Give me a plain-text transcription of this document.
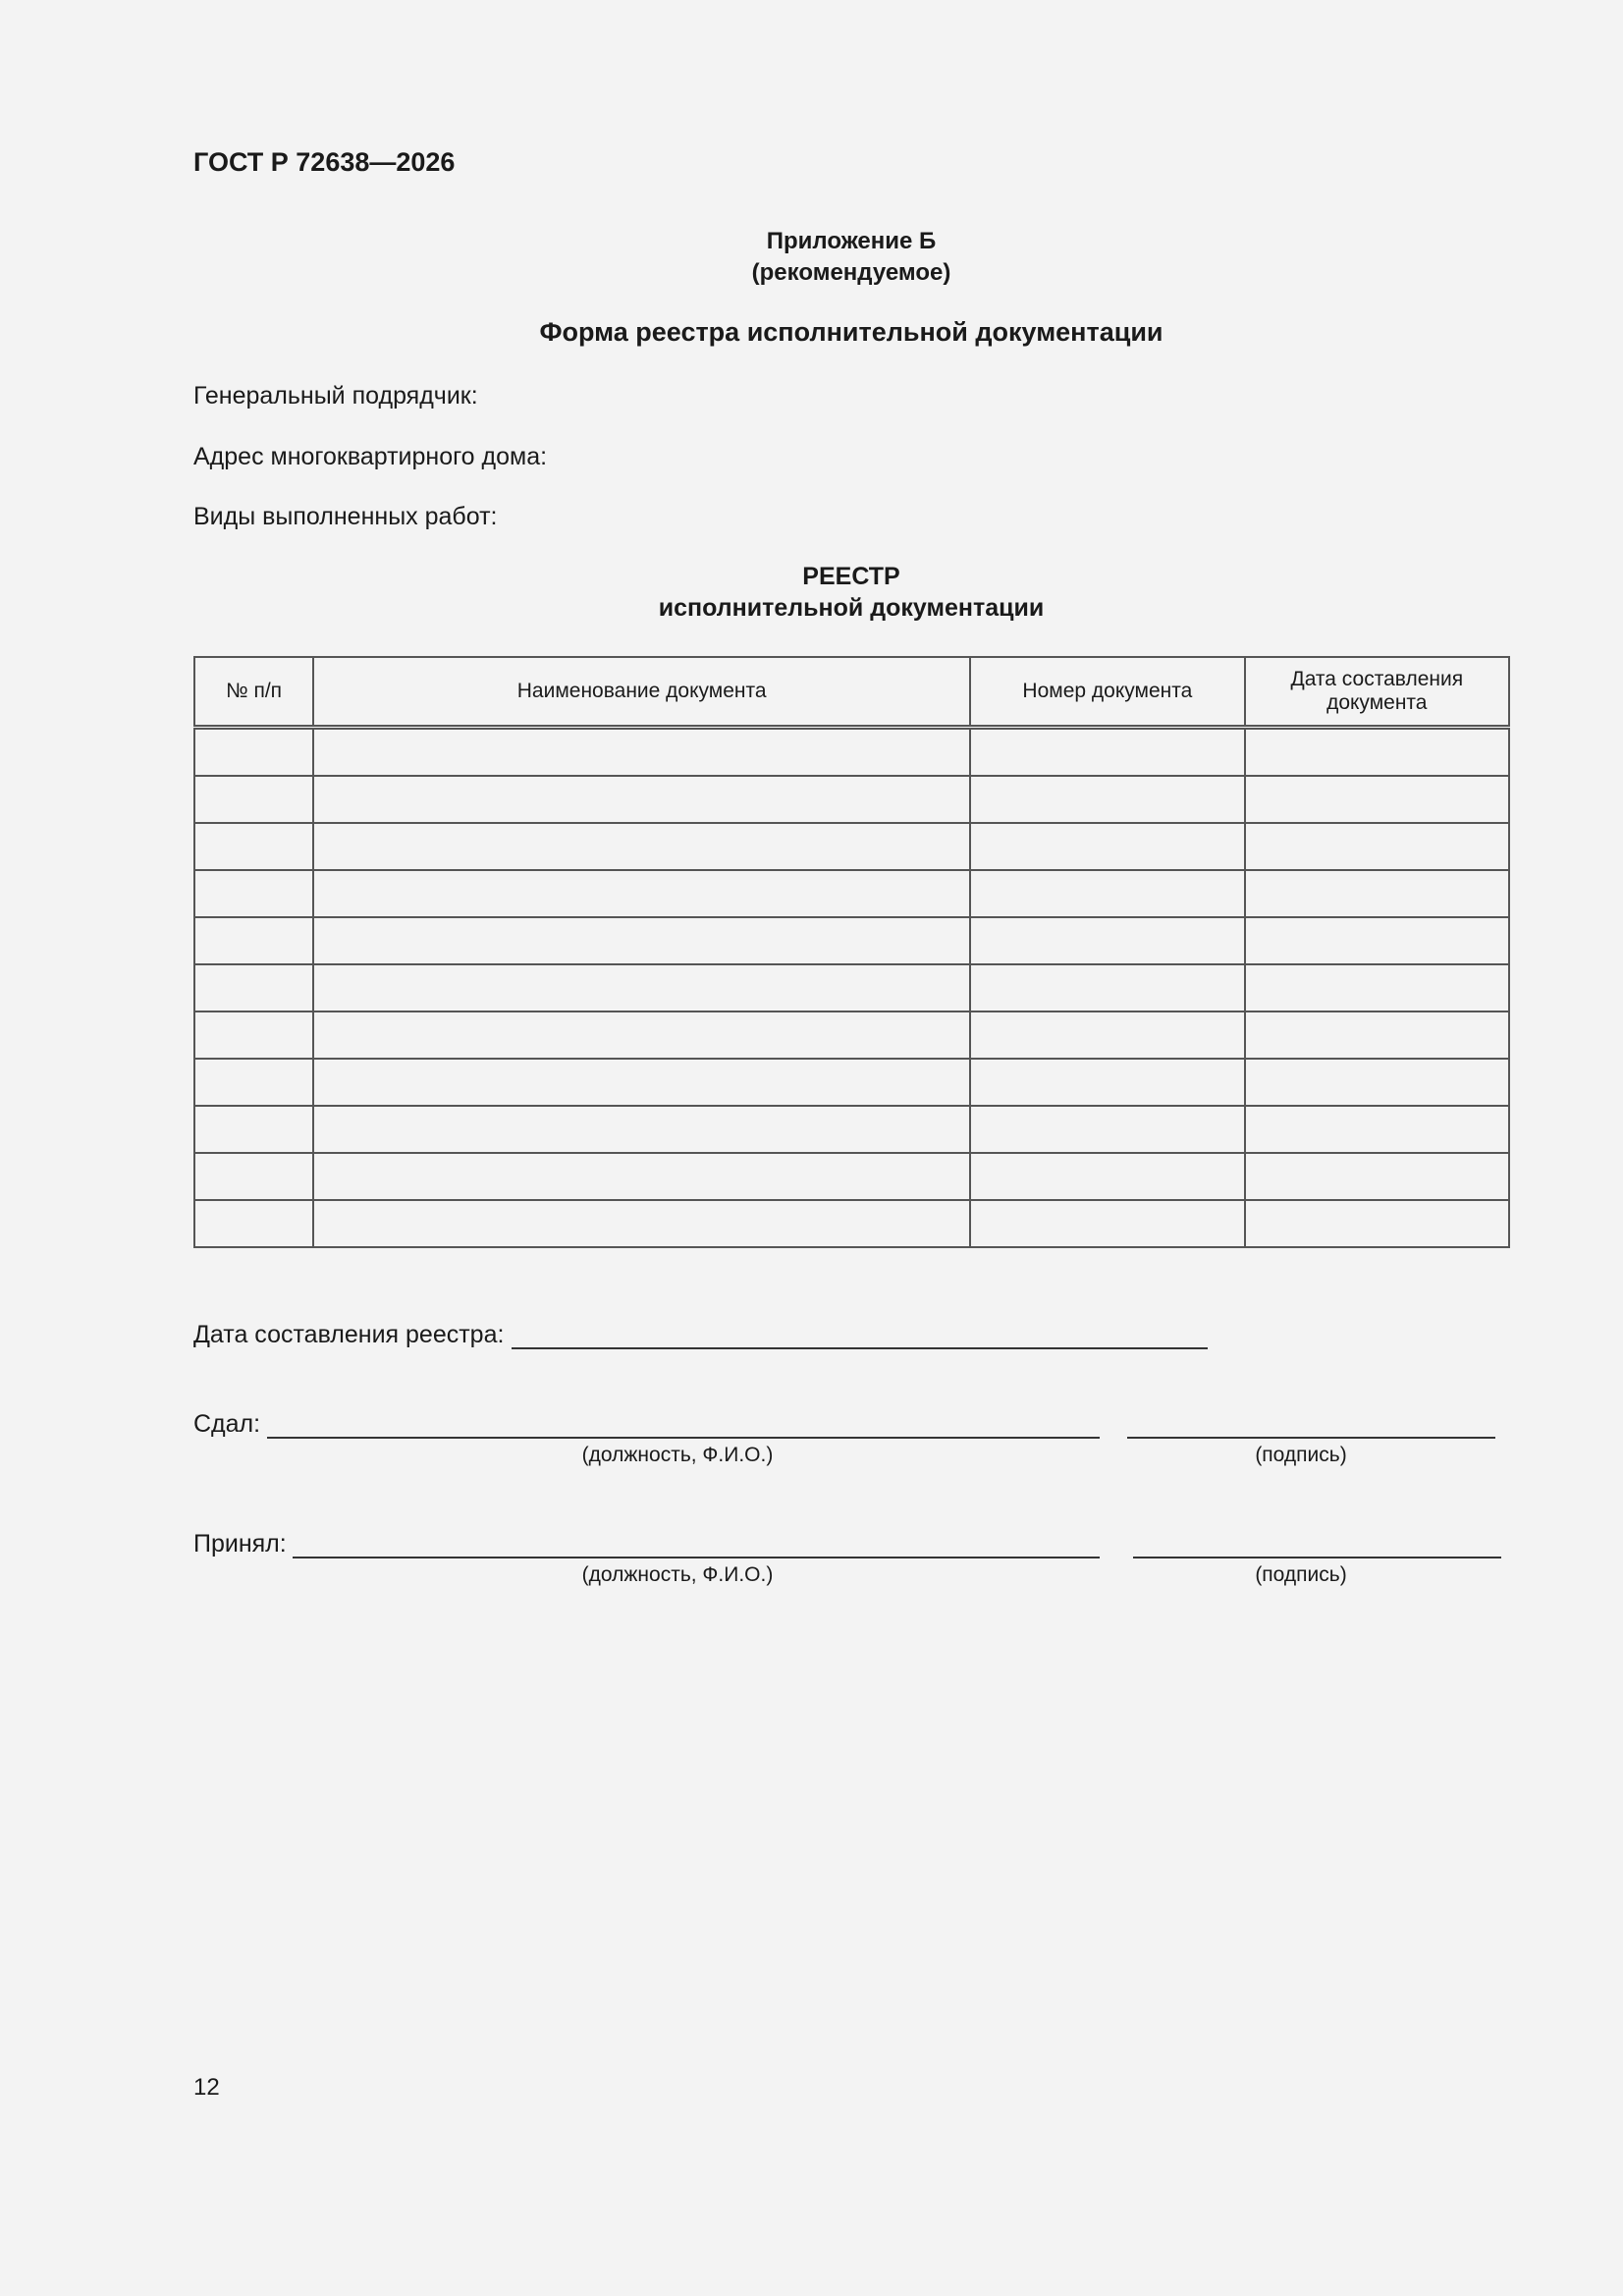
ГОСТ Р 72638—2026
Приложение Б
(рекомендуемое)
Форма реестра исполнительной документации
Генеральный подрядчик:
Адрес многоквартирного дома:
Виды выполненных работ:
РЕЕСТР
исполнительной документации
№ п/п	Наименование документа	Номер документа	Дата составления документа

Дата составления реестра:
Сдал:
(должность, Ф.И.О.)	(подпись)
Принял:
(должность, Ф.И.О.)	(подпись)
12
